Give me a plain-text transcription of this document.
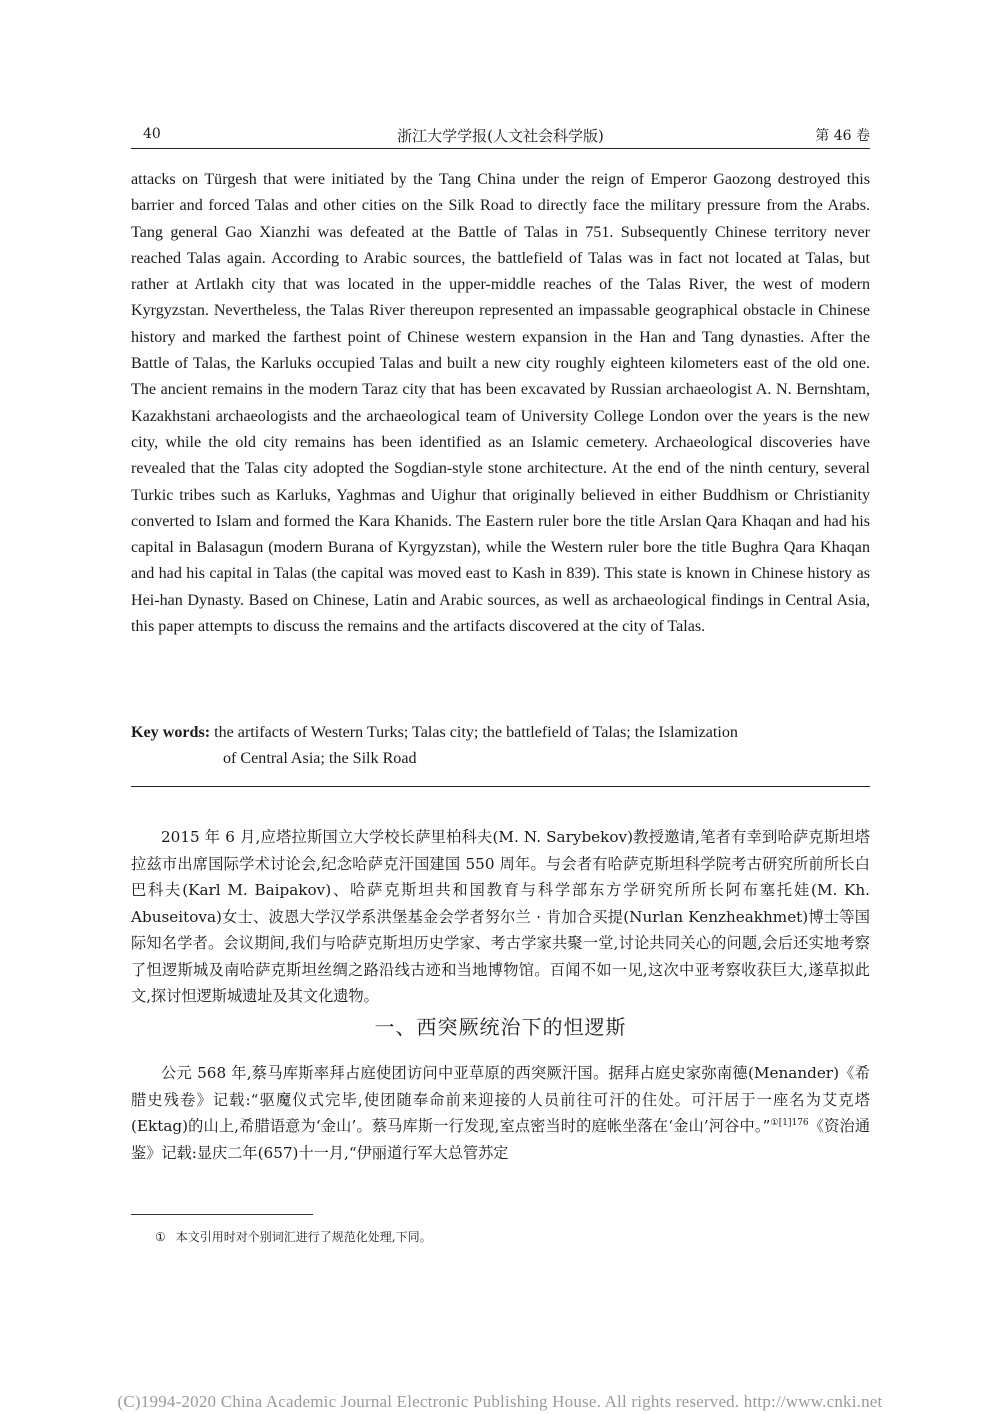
40	浙江大学学报(人文社会科学版)	第 46 卷

attacks on Türgesh that were initiated by the Tang China under the reign of Emperor Gaozong destroyed this barrier and forced Talas and other cities on the Silk Road to directly face the military pressure from the Arabs. Tang general Gao Xianzhi was defeated at the Battle of Talas in 751. Subsequently Chinese territory never reached Talas again. According to Arabic sources, the battlefield of Talas was in fact not located at Talas, but rather at Artlakh city that was located in the upper-middle reaches of the Talas River, the west of modern Kyrgyzstan. Nevertheless, the Talas River thereupon represented an impassable geographical obstacle in Chinese history and marked the farthest point of Chinese western expansion in the Han and Tang dynasties. After the Battle of Talas, the Karluks occupied Talas and built a new city roughly eighteen kilometers east of the old one. The ancient remains in the modern Taraz city that has been excavated by Russian archaeologist A. N. Bernshtam, Kazakhstani archaeologists and the archaeological team of University College London over the years is the new city, while the old city remains has been identified as an Islamic cemetery. Archaeological discoveries have revealed that the Talas city adopted the Sogdian-style stone architecture. At the end of the ninth century, several Turkic tribes such as Karluks, Yaghmas and Uighur that originally believed in either Buddhism or Christianity converted to Islam and formed the Kara Khanids. The Eastern ruler bore the title Arslan Qara Khaqan and had his capital in Balasagun (modern Burana of Kyrgyzstan), while the Western ruler bore the title Bughra Qara Khaqan and had his capital in Talas (the capital was moved east to Kash in 839). This state is known in Chinese history as Hei-han Dynasty. Based on Chinese, Latin and Arabic sources, as well as archaeological findings in Central Asia, this paper attempts to discuss the remains and the artifacts discovered at the city of Talas.

Key words: the artifacts of Western Turks; Talas city; the battlefield of Talas; the Islamization
of Central Asia; the Silk Road

2015 年 6 月,应塔拉斯国立大学校长萨里柏科夫(M. N. Sarybekov)教授邀请,笔者有幸到哈萨克斯坦塔拉兹市出席国际学术讨论会,纪念哈萨克汗国建国 550 周年。与会者有哈萨克斯坦科学院考古研究所前所长白巴科夫(Karl M. Baipakov)、哈萨克斯坦共和国教育与科学部东方学研究所所长阿布塞托娃(M. Kh. Abuseitova)女士、波恩大学汉学系洪堡基金会学者努尔兰 · 肯加合买提(Nurlan Kenzheakhmet)博士等国际知名学者。会议期间,我们与哈萨克斯坦历史学家、考古学家共聚一堂,讨论共同关心的问题,会后还实地考察了怛逻斯城及南哈萨克斯坦丝绸之路沿线古迹和当地博物馆。百闻不如一见,这次中亚考察收获巨大,遂草拟此文,探讨怛逻斯城遗址及其文化遗物。

一、西突厥统治下的怛逻斯

公元 568 年,蔡马库斯率拜占庭使团访问中亚草原的西突厥汗国。据拜占庭史家弥南德(Menander)《希腊史残卷》记载:“驱魔仪式完毕,使团随奉命前来迎接的人员前往可汗的住处。可汗居于一座名为艾克塔(Ektag)的山上,希腊语意为‘金山’。蔡马库斯一行发现,室点密当时的庭帐坐落在‘金山’河谷中。”$^{①[1]176}$《资治通鉴》记载:显庆二年(657)十一月,“伊丽道行军大总管苏定

① 本文引用时对个别词汇进行了规范化处理,下同。
(C)1994-2020 China Academic Journal Electronic Publishing House. All rights reserved. http://www.cnki.net
